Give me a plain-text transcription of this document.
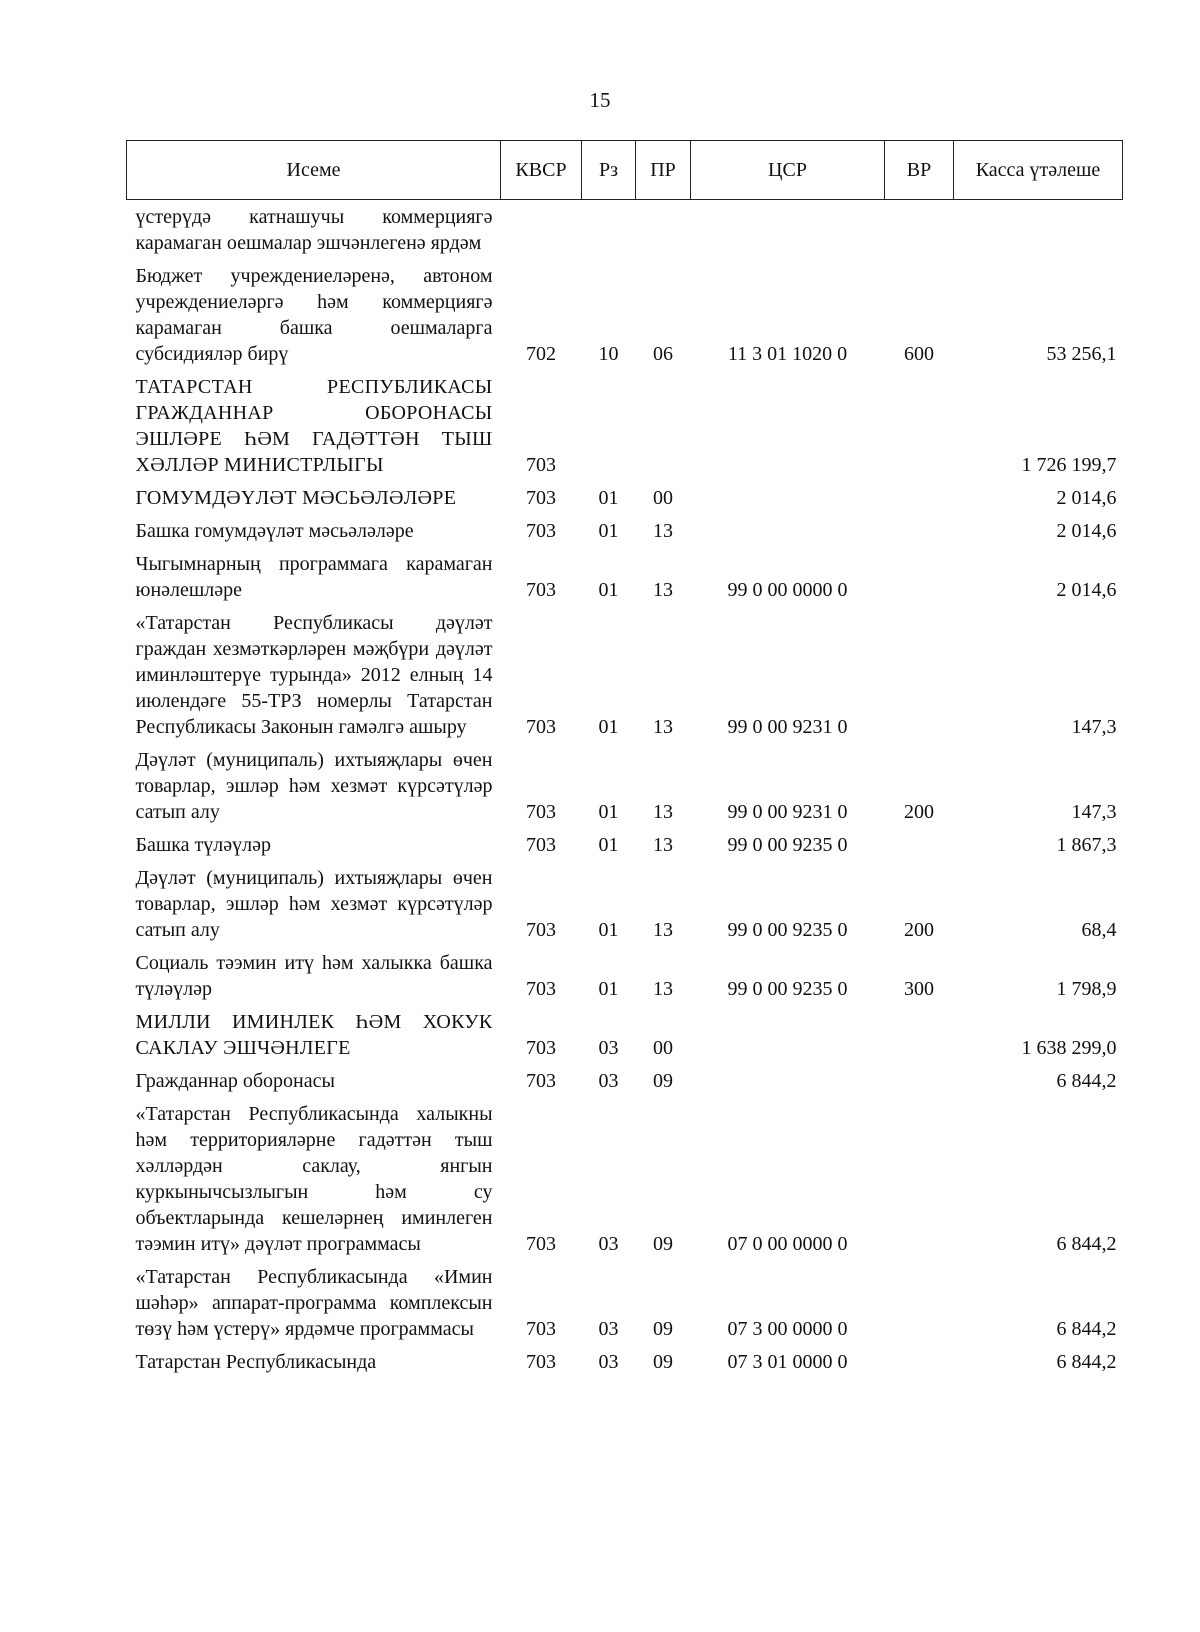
15
Исеме	КВСР	Рз	ПР	ЦСР	ВР	Касса үтәлеше
үстерүдә катнашучы коммерциягә карамаган оешмалар эшчәнлегенә ярдәм						
Бюджет учреждениеләренә, автоном учреждениеләргә һәм коммерциягә карамаган башка оешмаларга субсидияләр бирү	702	10	06	11 3 01 1020 0	600	53 256,1
ТАТАРСТАН РЕСПУБЛИКАСЫ ГРАЖДАННАР ОБОРОНАСЫ ЭШЛӘРЕ ҺӘМ ГАДӘТТӘН ТЫШ ХӘЛЛӘР МИНИСТРЛЫГЫ	703					1 726 199,7
ГОМУМДӘҮЛӘТ МӘСЬӘЛӘЛӘРЕ	703	01	00			2 014,6
Башка гомумдәүләт мәсьәләләре	703	01	13			2 014,6
Чыгымнарның программага карамаган юнәлешләре	703	01	13	99 0 00 0000 0		2 014,6
«Татарстан Республикасы дәүләт граждан хезмәткәрләрен мәҗбүри дәүләт иминләштерүе турында» 2012 елның 14 июлендәге 55-ТРЗ номерлы Татарстан Республикасы Законын гамәлгә ашыру	703	01	13	99 0 00 9231 0		147,3
Дәүләт (муниципаль) ихтыяҗлары өчен товарлар, эшләр һәм хезмәт күрсәтүләр сатып алу	703	01	13	99 0 00 9231 0	200	147,3
Башка түләүләр	703	01	13	99 0 00 9235 0		1 867,3
Дәүләт (муниципаль) ихтыяҗлары өчен товарлар, эшләр һәм хезмәт күрсәтүләр сатып алу	703	01	13	99 0 00 9235 0	200	68,4
Социаль тәэмин итү һәм халыкка башка түләүләр	703	01	13	99 0 00 9235 0	300	1 798,9
МИЛЛИ ИМИНЛЕК ҺӘМ ХОКУК САКЛАУ ЭШЧӘНЛЕГЕ	703	03	00			1 638 299,0
Гражданнар оборонасы	703	03	09			6 844,2
«Татарстан Республикасында халыкны һәм территорияләрне гадәттән тыш хәлләрдән саклау, янгын куркынычсызлыгын һәм су объектларында кешеләрнең иминлеген тәэмин итү» дәүләт программасы	703	03	09	07 0 00 0000 0		6 844,2
«Татарстан Республикасында «Имин шәһәр» аппарат-программа комплексын төзү һәм үстерү» ярдәмче программасы	703	03	09	07 3 00 0000 0		6 844,2
Татарстан Республикасында	703	03	09	07 3 01 0000 0		6 844,2
